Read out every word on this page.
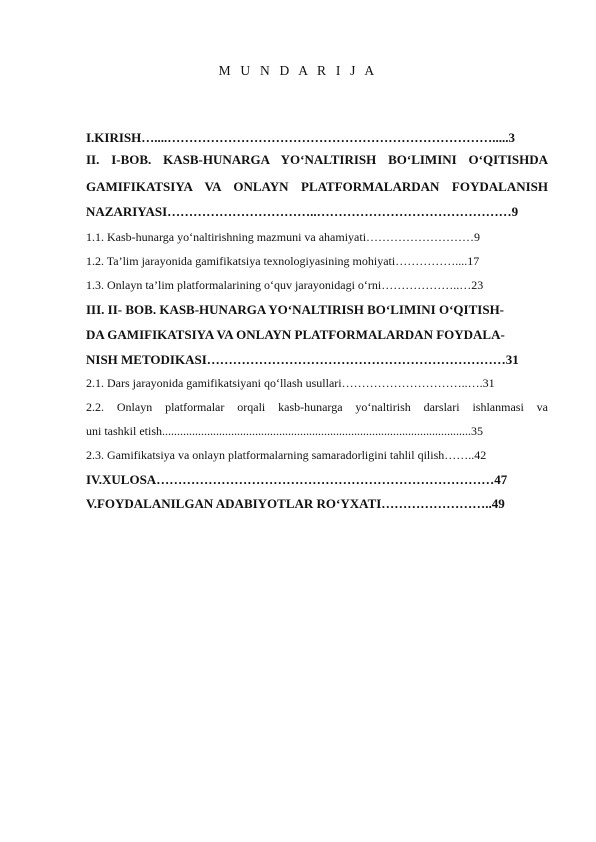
M U N D A R I J A
I.KIRISH…....………………………………………………………………….....3
II. I-BOB. KASB-HUNARGA YO‘NALTIRISH BO‘LIMINI O‘QITISHDA
GAMIFIKATSIYA VA ONLAYN PLATFORMALARDAN FOYDALANISH
NAZARIYASI……………………………..………………………………………9
1.1. Kasb-hunarga yo‘naltirishning mazmuni va ahamiyati………………………9
1.2. Ta’lim jarayonida gamifikatsiya texnologiyasining mohiyati……………....17
1.3. Onlayn ta’lim platformalarining o‘quv jarayonidagi o‘rni………………..…23
III. II- BOB. KASB-HUNARGA YO‘NALTIRISH BO‘LIMINI O‘QITISH-
DA GAMIFIKATSIYA VA ONLAYN PLATFORMALARDAN FOYDALA-
NISH METODIKASI……………………………………………………………31
2.1. Dars jarayonida gamifikatsiyani qo‘llash usullari…………………………..….31
2.2. Onlayn platformalar orqali kasb-hunarga yo‘naltirish darslari ishlanmasi va
uni tashkil etish.......................................................................................................35
2.3. Gamifikatsiya va onlayn platformalarning samaradorligini tahlil qilish……..42
IV.XULOSA……………………………………………………………………47
V.FOYDALANILGAN ADABIYOTLAR RO‘YXATI……………………..49
